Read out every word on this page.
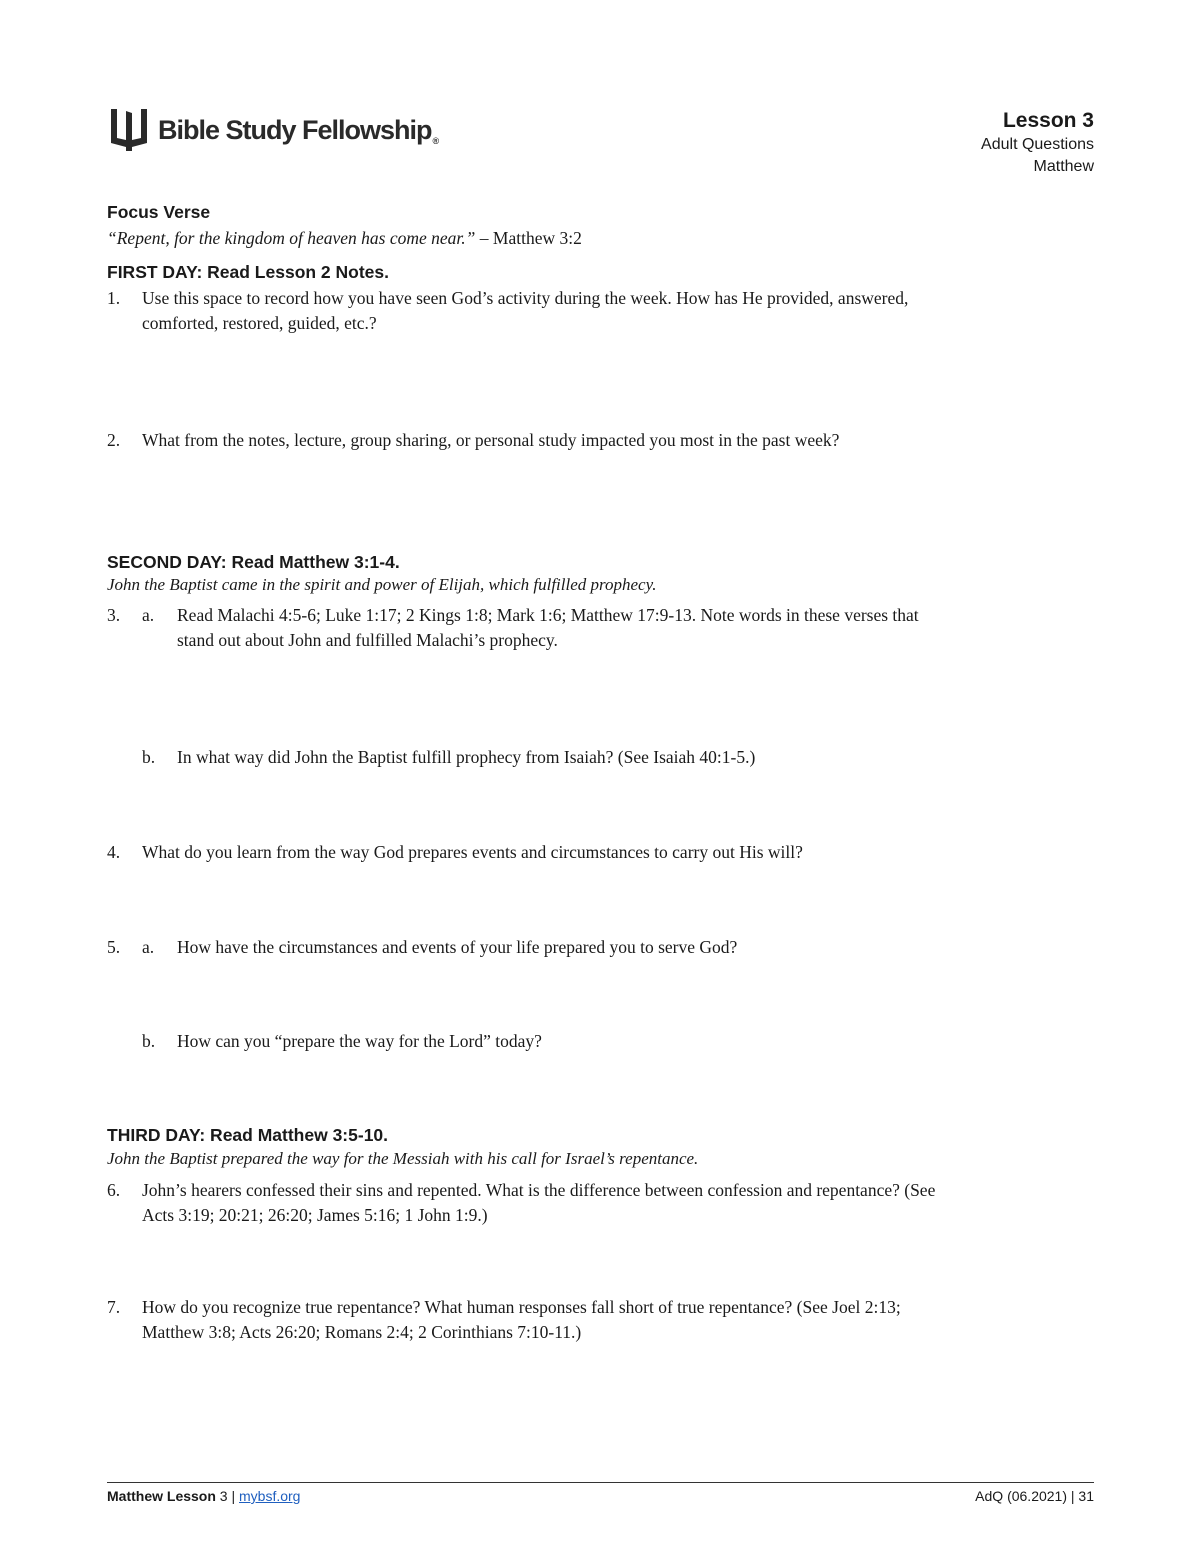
Bible Study Fellowship®
Lesson 3
Adult Questions
Matthew
Focus Verse
“Repent, for the kingdom of heaven has come near.” – Matthew 3:2
FIRST DAY: Read Lesson 2 Notes.
1. Use this space to record how you have seen God’s activity during the week. How has He provided, answered,
comforted, restored, guided, etc.?
2. What from the notes, lecture, group sharing, or personal study impacted you most in the past week?
SECOND DAY: Read Matthew 3:1-4.
John the Baptist came in the spirit and power of Elijah, which fulfilled prophecy.
3. a. Read Malachi 4:5-6; Luke 1:17; 2 Kings 1:8; Mark 1:6; Matthew 17:9-13. Note words in these verses that
stand out about John and fulfilled Malachi’s prophecy.
b. In what way did John the Baptist fulfill prophecy from Isaiah? (See Isaiah 40:1-5.)
4. What do you learn from the way God prepares events and circumstances to carry out His will?
5. a. How have the circumstances and events of your life prepared you to serve God?
b. How can you “prepare the way for the Lord” today?
THIRD DAY: Read Matthew 3:5-10.
John the Baptist prepared the way for the Messiah with his call for Israel’s repentance.
6. John’s hearers confessed their sins and repented. What is the difference between confession and repentance? (See
Acts 3:19; 20:21; 26:20; James 5:16; 1 John 1:9.)
7. How do you recognize true repentance? What human responses fall short of true repentance? (See Joel 2:13;
Matthew 3:8; Acts 26:20; Romans 2:4; 2 Corinthians 7:10-11.)
Matthew Lesson 3 | mybsf.org	AdQ (06.2021) | 31
